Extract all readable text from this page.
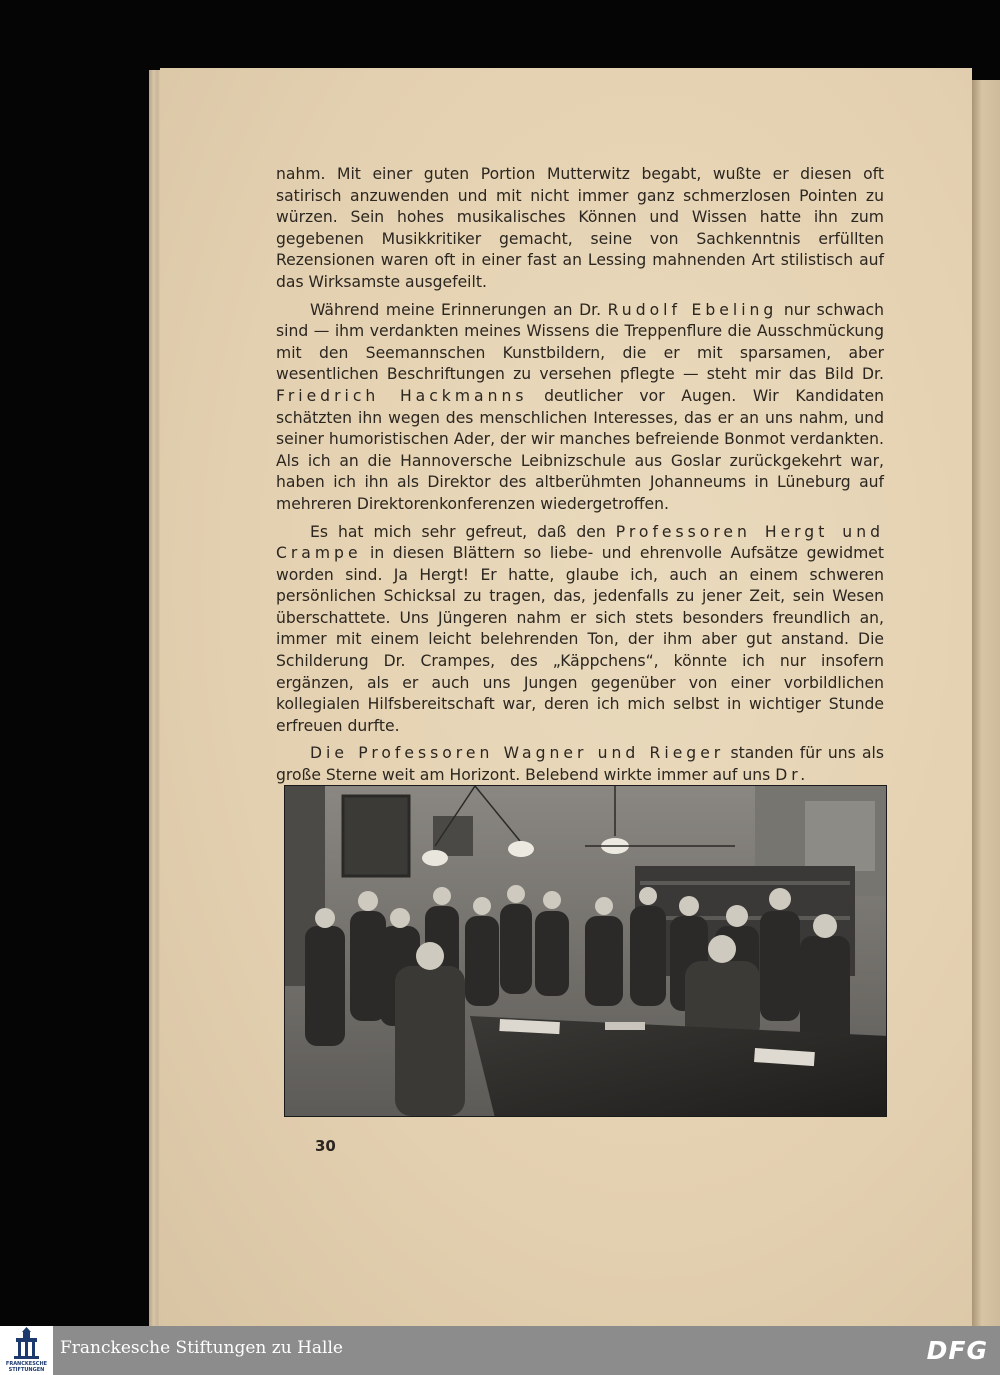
nahm. Mit einer guten Portion Mutterwitz begabt, wußte er diesen oft satirisch anzuwenden und mit nicht immer ganz schmerzlosen Pointen zu würzen. Sein hohes musikalisches Können und Wissen hatte ihn zum gegebenen Musikkritiker gemacht, seine von Sachkenntnis erfüllten Rezensionen waren oft in einer fast an Lessing mahnenden Art stilistisch auf das Wirksamste ausgefeilt.

Während meine Erinnerungen an Dr. Rudolf Ebeling nur schwach sind — ihm verdankten meines Wissens die Treppenflure die Ausschmückung mit den Seemannschen Kunstbildern, die er mit sparsamen, aber wesentlichen Beschriftungen zu versehen pflegte — steht mir das Bild Dr. Friedrich Hackmanns deutlicher vor Augen. Wir Kandidaten schätzten ihn wegen des menschlichen Interesses, das er an uns nahm, und seiner humoristischen Ader, der wir manches befreiende Bonmot verdankten. Als ich an die Hannoversche Leibnizschule aus Goslar zurückgekehrt war, haben ich ihn als Direktor des altberühmten Johanneums in Lüneburg auf mehreren Direktorenkonferenzen wiedergetroffen.

Es hat mich sehr gefreut, daß den Professoren Hergt und Crampe in diesen Blättern so liebe- und ehrenvolle Aufsätze gewidmet worden sind. Ja Hergt! Er hatte, glaube ich, auch an einem schweren persönlichen Schicksal zu tragen, das, jedenfalls zu jener Zeit, sein Wesen überschattete. Uns Jüngeren nahm er sich stets besonders freundlich an, immer mit einem leicht belehrenden Ton, der ihm aber gut anstand. Die Schilderung Dr. Crampes, des „Käppchens“, könnte ich nur insofern ergänzen, als er auch uns Jungen gegenüber von einer vorbildlichen kollegialen Hilfsbereitschaft war, deren ich mich selbst in wichtiger Stunde erfreuen durfte.

Die Professoren Wagner und Rieger standen für uns als große Sterne weit am Horizont. Belebend wirkte immer auf uns Dr.

30
FRANCKESCHE STIFTUNGEN
Franckesche Stiftungen zu Halle	DFG
